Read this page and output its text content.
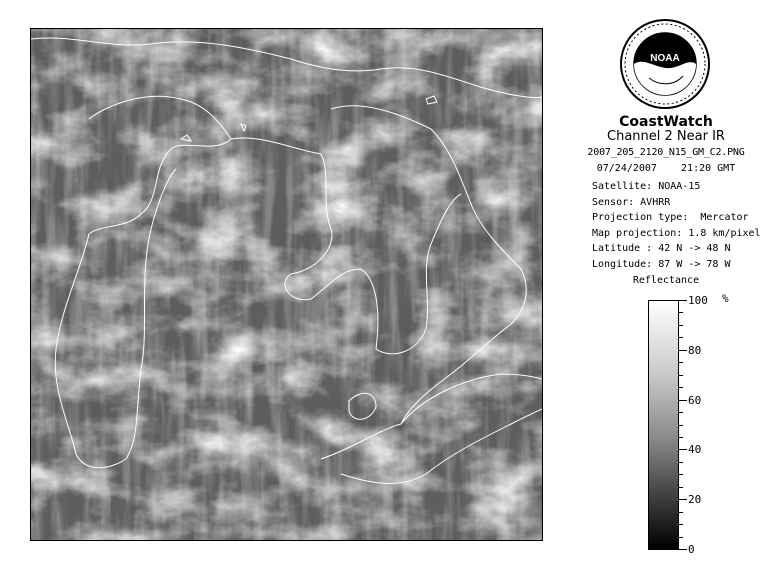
NOAA
CoastWatch
Channel 2 Near IR
2007_205_2120_N15_GM_C2.PNG
07/24/2007    21:20 GMT
Satellite: NOAA-15
Sensor: AVHRR
Projection type:  Mercator
Map projection: 1.8 km/pixel
Latitude : 42 N -> 48 N
Longitude: 87 W -> 78 W
Reflectance
%
100
80
60
40
20
0
